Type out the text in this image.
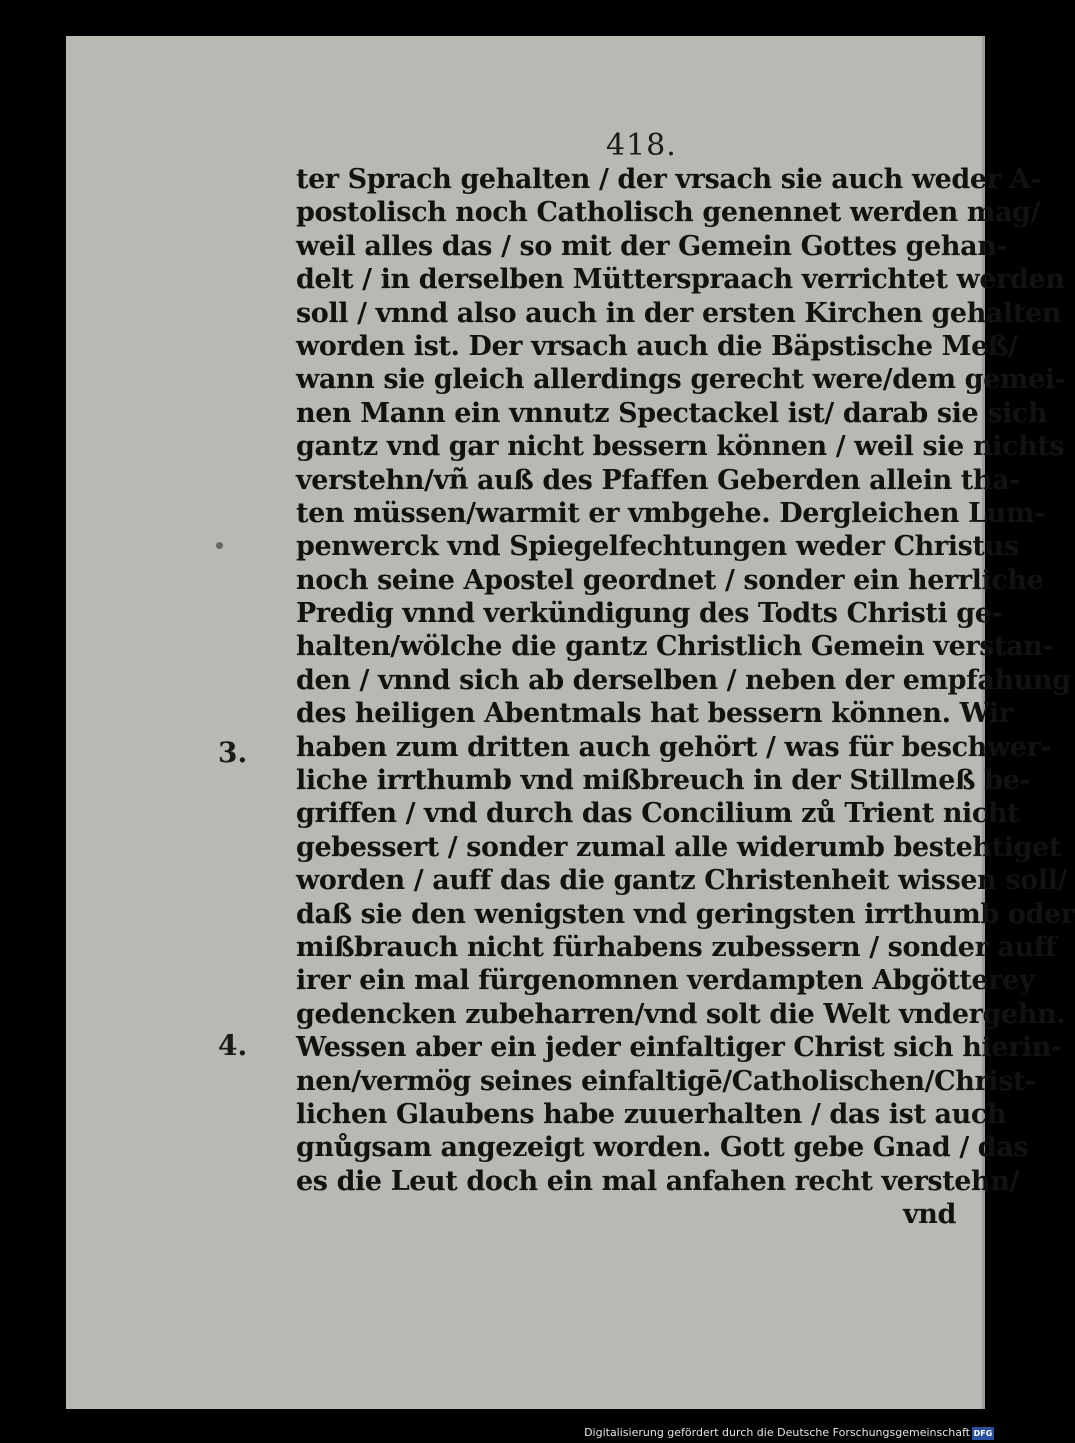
418.
3.
4.
ter Sprach gehalten / der vrsach sie auch weder A-
postolisch noch Catholisch genennet werden mag/
weil alles das / so mit der Gemein Gottes gehan-
delt / in derselben Mütterspraach verrichtet werden
soll / vnnd also auch in der ersten Kirchen gehalten
worden ist. Der vrsach auch die Bäpstische Meß/
wann sie gleich allerdings gerecht were/dem gemei-
nen Mann ein vnnutz Spectackel ist/ darab sie sich
gantz vnd gar nicht bessern können / weil sie nichts
verstehn/vñ auß des Pfaffen Geberden allein tha-
ten müssen/warmit er vmbgehe. Dergleichen Lum-
penwerck vnd Spiegelfechtungen weder Christus
noch seine Apostel geordnet / sonder ein herrliche
Predig vnnd verkündigung des Todts Christi ge-
halten/wölche die gantz Christlich Gemein verstan-
den / vnnd sich ab derselben / neben der empfahung
des heiligen Abentmals hat bessern können. Wir
haben zum dritten auch gehört / was für beschwer-
liche irrthumb vnd mißbreuch in der Stillmeß be-
griffen / vnd durch das Concilium zů Trient nicht
gebessert / sonder zumal alle widerumb bestehtiget
worden / auff das die gantz Christenheit wissen soll/
daß sie den wenigsten vnd geringsten irrthumb oder
mißbrauch nicht fürhabens zubessern / sonder auff
irer ein mal fürgenomnen verdampten Abgötterey
gedencken zubeharren/vnd solt die Welt vndergehn.
Wessen aber ein jeder einfaltiger Christ sich hierin-
nen/vermög seines einfaltigē/Catholischen/Christ-
lichen Glaubens habe zuuerhalten / das ist auch
gnůgsam angezeigt worden. Gott gebe Gnad / das
es die Leut doch ein mal anfahen recht verstehn/
vnd
Digitalisierung gefördert durch die Deutsche Forschungsgemeinschaft DFG
